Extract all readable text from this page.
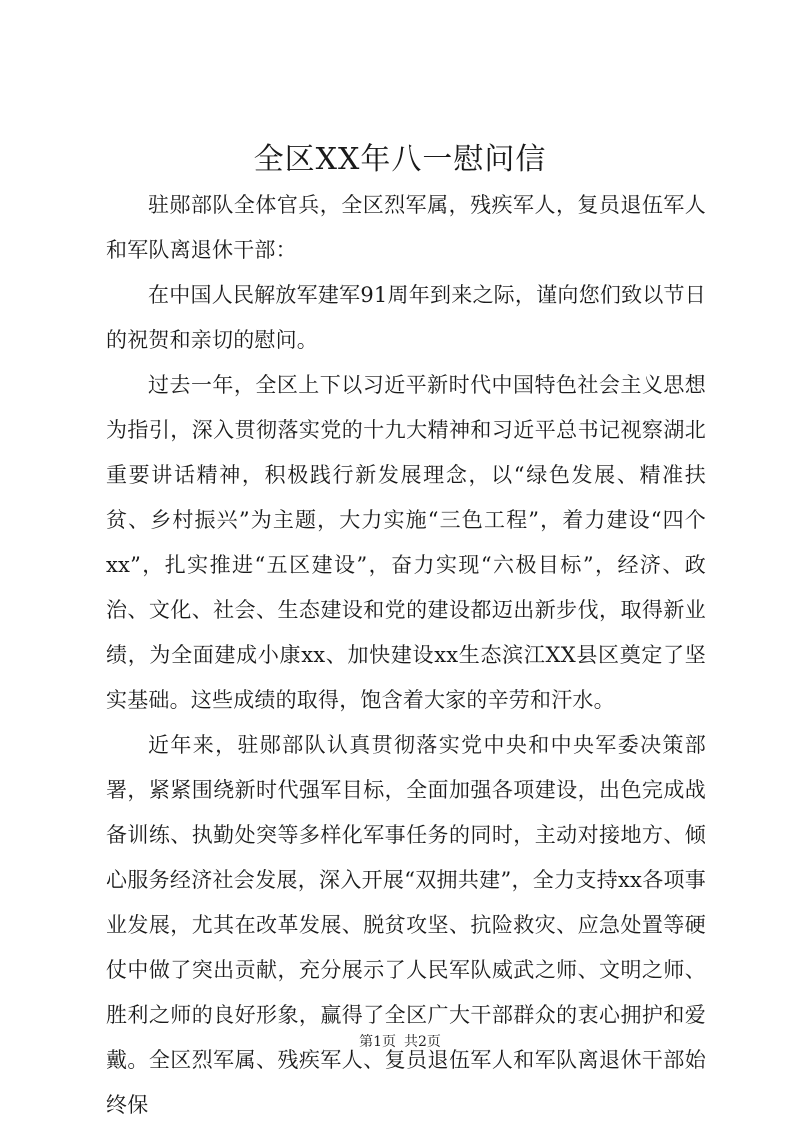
全区XX年八一慰问信

驻郧部队全体官兵，全区烈军属，残疾军人，复员退伍军人和军队离退休干部：

在中国人民解放军建军91周年到来之际，谨向您们致以节日的祝贺和亲切的慰问。

过去一年，全区上下以习近平新时代中国特色社会主义思想为指引，深入贯彻落实党的十九大精神和习近平总书记视察湖北重要讲话精神，积极践行新发展理念，以“绿色发展、精准扶贫、乡村振兴”为主题，大力实施“三色工程”，着力建设“四个xx”，扎实推进“五区建设”，奋力实现“六极目标”，经济、政治、文化、社会、生态建设和党的建设都迈出新步伐，取得新业绩，为全面建成小康xx、加快建设xx生态滨江XX县区奠定了坚实基础。这些成绩的取得，饱含着大家的辛劳和汗水。

近年来，驻郧部队认真贯彻落实党中央和中央军委决策部署，紧紧围绕新时代强军目标，全面加强各项建设，出色完成战备训练、执勤处突等多样化军事任务的同时，主动对接地方、倾心服务经济社会发展，深入开展“双拥共建”，全力支持xx各项事业发展，尤其在改革发展、脱贫攻坚、抗险救灾、应急处置等硬仗中做了突出贡献，充分展示了人民军队威武之师、文明之师、胜利之师的良好形象，赢得了全区广大干部群众的衷心拥护和爱戴。全区烈军属、残疾军人、复员退伍军人和军队离退休干部始终保

第1页 共2页
